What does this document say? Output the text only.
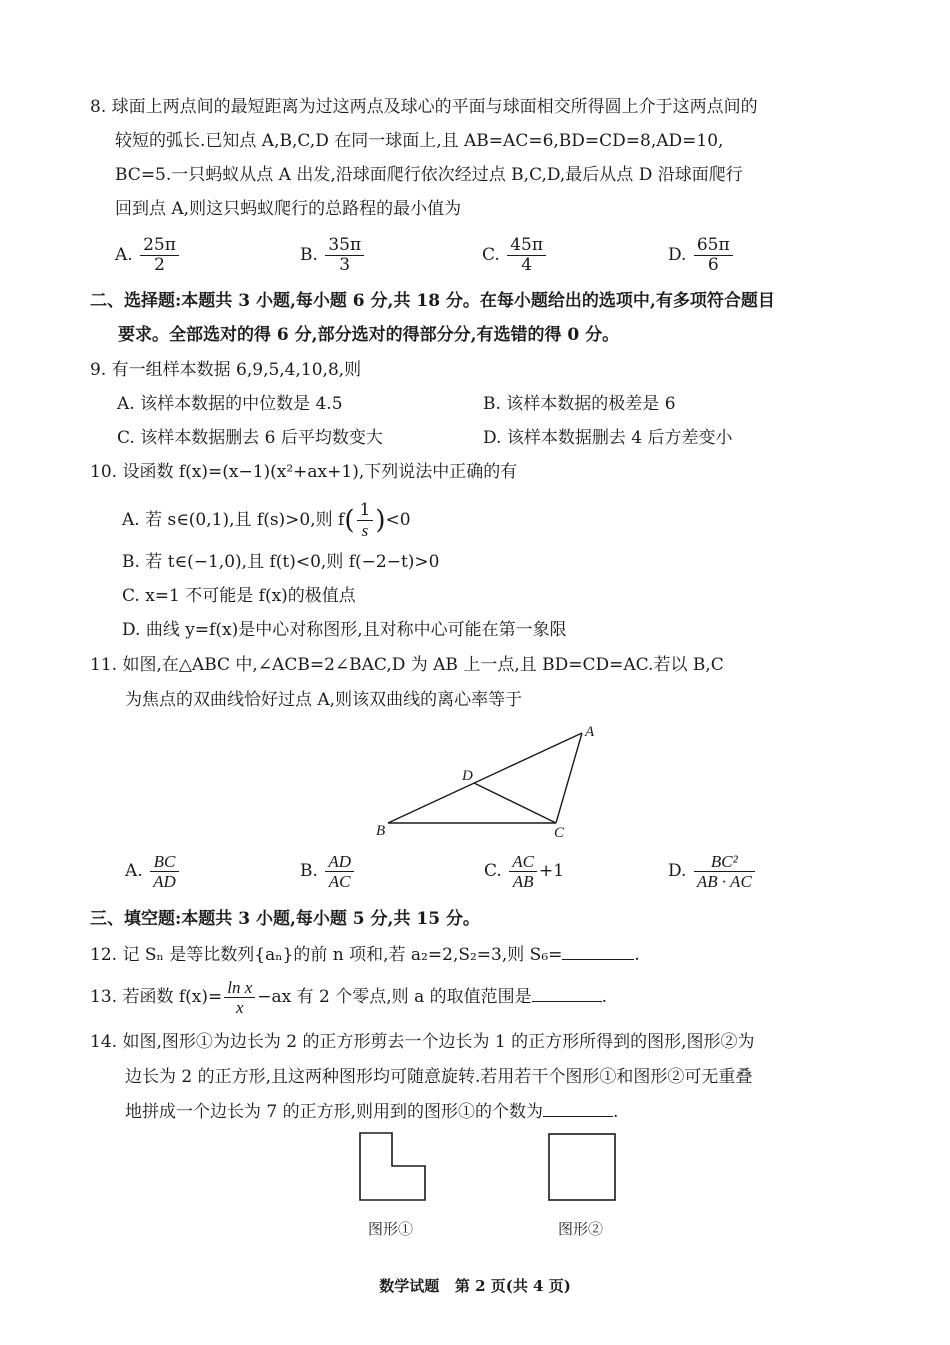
8. 球面上两点间的最短距离为过这两点及球心的平面与球面相交所得圆上介于这两点间的
较短的弧长.已知点 A,B,C,D 在同一球面上,且 AB=AC=6,BD=CD=8,AD=10,
BC=5.一只蚂蚁从点 A 出发,沿球面爬行依次经过点 B,C,D,最后从点 D 沿球面爬行
回到点 A,则这只蚂蚁爬行的总路程的最小值为
A. $\frac{25\pi}{2}$	B. $\frac{35\pi}{3}$	C. $\frac{45\pi}{4}$	D. $\frac{65\pi}{6}$
二、选择题:本题共 3 小题,每小题 6 分,共 18 分。在每小题给出的选项中,有多项符合题目
要求。全部选对的得 6 分,部分选对的得部分分,有选错的得 0 分。
9. 有一组样本数据 6,9,5,4,10,8,则
A. 该样本数据的中位数是 4.5	B. 该样本数据的极差是 6
C. 该样本数据删去 6 后平均数变大	D. 该样本数据删去 4 后方差变小
10. 设函数 f(x)=(x−1)(x²+ax+1),下列说法中正确的有
A. 若 s∈(0,1),且 f(s)>0,则 $f( \frac{1}{s} )<0$
B. 若 t∈(−1,0),且 f(t)<0,则 f(−2−t)>0
C. x=1 不可能是 f(x)的极值点
D. 曲线 y=f(x)是中心对称图形,且对称中心可能在第一象限
11. 如图,在△ABC 中,∠ACB=2∠BAC,D 为 AB 上一点,且 BD=CD=AC.若以 B,C
为焦点的双曲线恰好过点 A,则该双曲线的离心率等于
A
B	C
D
A. $\frac{BC}{AD}$	B. $\frac{AD}{AC}$	C. $\frac{AC}{AB} +1$	D. $\frac{\text{BC²}}{AB \cdot AC}$
三、填空题:本题共 3 小题,每小题 5 分,共 15 分。
12. 记 Sₙ 是等比数列{aₙ}的前 n 项和,若 a₂=2,S₂=3,则 S₆=	.
13. 若函数 $f(x)= \frac{\text{ln x}}{x} -ax$ 有 2 个零点,则 a 的取值范围是	.
14. 如图,图形①为边长为 2 的正方形剪去一个边长为 1 的正方形所得到的图形,图形②为
边长为 2 的正方形,且这两种图形均可随意旋转.若用若干个图形①和图形②可无重叠
地拼成一个边长为 7 的正方形,则用到的图形①的个数为	.
图形①	图形②
数学试题   第 2 页(共 4 页)
